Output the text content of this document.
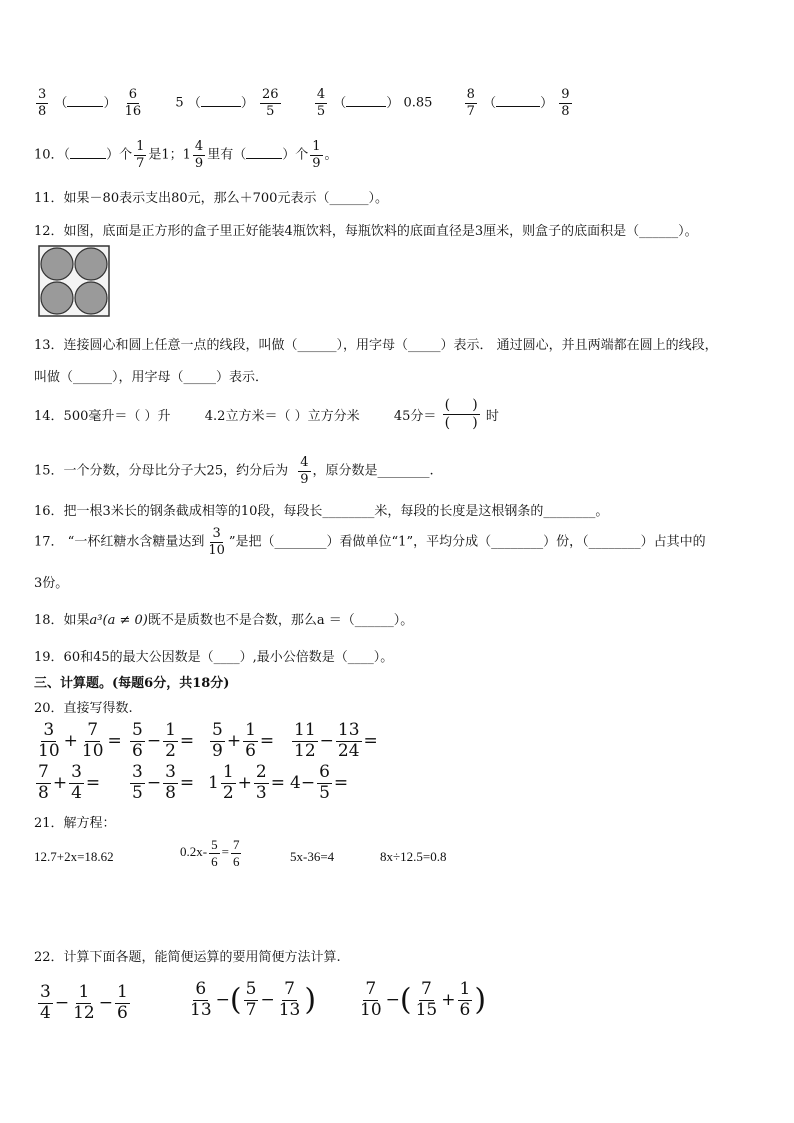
$\frac{3}{8}$ （	） $\frac{6}{16} 5$ （	） $\frac{26}{5}$
	$\frac{4}{5}$ （	） $0.85 \frac{8}{7}$ （	） $\frac{9}{8}$
10．（	）个 $\frac{1}{7}$ 是1；$1 \frac{4}{9}$ 里有（	）个 $\frac{1}{9}$ 。
11．如果－80表示支出80元，那么＋700元表示（______）。
12．如图，底面是正方形的盒子里正好能装4瓶饮料，每瓶饮料的底面直径是3厘米，则盒子的底面积是（______）。
13．连接圆心和圆上任意一点的线段，叫做（______），用字母（_____）表示． 通过圆心，并且两端都在圆上的线段，
叫做（______），用字母（_____）表示．
14．500毫升＝（ ）升	4.2立方米＝（ ）立方分米	45分＝ $\frac{( )}{( )}$ 时
15．一个分数，分母比分子大25，约分后为 $\frac{4}{9}$ ，原分数是________.
16．把一根3米长的钢条截成相等的10段，每段长________米，每段的长度是这根钢条的________。
17． “一杯红糖水含糖量达到 $\frac{3}{10}$ ”是把（________）看做单位“1”，平均分成（________）份，（________）占其中的
3份。
18．如果a³(a ≠ 0)既不是质数也不是合数，那么a ＝（______）。
19．60和45的最大公因数是（____）,最小公倍数是（____）。
三、计算题。(每题6分，共18分)
20．直接写得数.
$\frac{3}{10} + \frac{7}{10} = \frac{5}{6} - \frac{1}{2} = \frac{5}{9} + \frac{1}{6} = \frac{11}{12} - \frac{13}{24}$ =
$\frac{7}{8} + \frac{3}{4} = \frac{3}{5} - \frac{3}{8} = 1 \frac{1}{2} + \frac{2}{3} = 4- \frac{6}{5}$ =
21．解方程：
12.7+2x=18.62	$0.2x- \frac{5}{6} = \frac{7}{6}$	5x-36=4	8x÷12.5=0.8
22．计算下面各题，能简便运算的要用简便方法计算.
$\frac{3}{4} - \frac{1}{12} - \frac{1}{6}$	$\frac{6}{13}$ −( $\frac{5}{7} - \frac{7}{13}$ ) $\frac{7}{10}$ −( $\frac{7}{15} + \frac{1}{6}$ )
